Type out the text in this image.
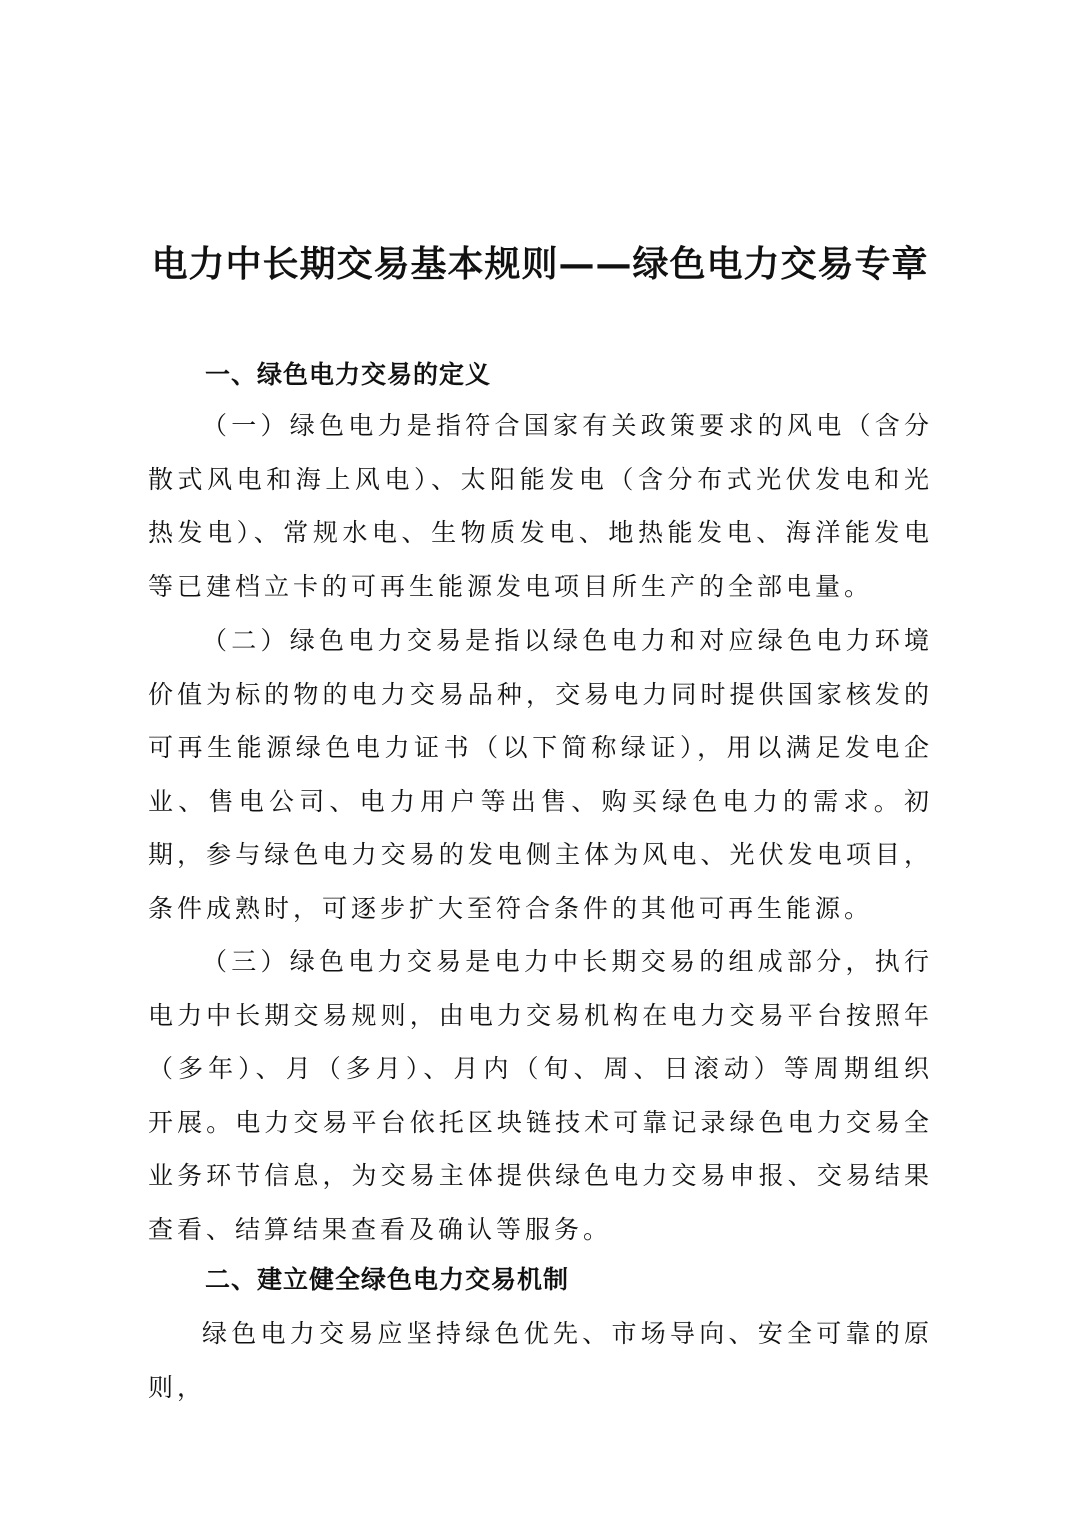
电力中长期交易基本规则——绿色电力交易专章
一、绿色电力交易的定义

（一）绿色电力是指符合国家有关政策要求的风电（含分散式风电和海上风电）、太阳能发电（含分布式光伏发电和光热发电）、常规水电、生物质发电、地热能发电、海洋能发电等已建档立卡的可再生能源发电项目所生产的全部电量。

（二）绿色电力交易是指以绿色电力和对应绿色电力环境价值为标的物的电力交易品种，交易电力同时提供国家核发的可再生能源绿色电力证书（以下简称绿证），用以满足发电企业、售电公司、电力用户等出售、购买绿色电力的需求。初期，参与绿色电力交易的发电侧主体为风电、光伏发电项目，条件成熟时，可逐步扩大至符合条件的其他可再生能源。

（三）绿色电力交易是电力中长期交易的组成部分，执行电力中长期交易规则，由电力交易机构在电力交易平台按照年（多年）、月（多月）、月内（旬、周、日滚动）等周期组织开展。电力交易平台依托区块链技术可靠记录绿色电力交易全业务环节信息，为交易主体提供绿色电力交易申报、交易结果查看、结算结果查看及确认等服务。

二、建立健全绿色电力交易机制

绿色电力交易应坚持绿色优先、市场导向、安全可靠的原则，
